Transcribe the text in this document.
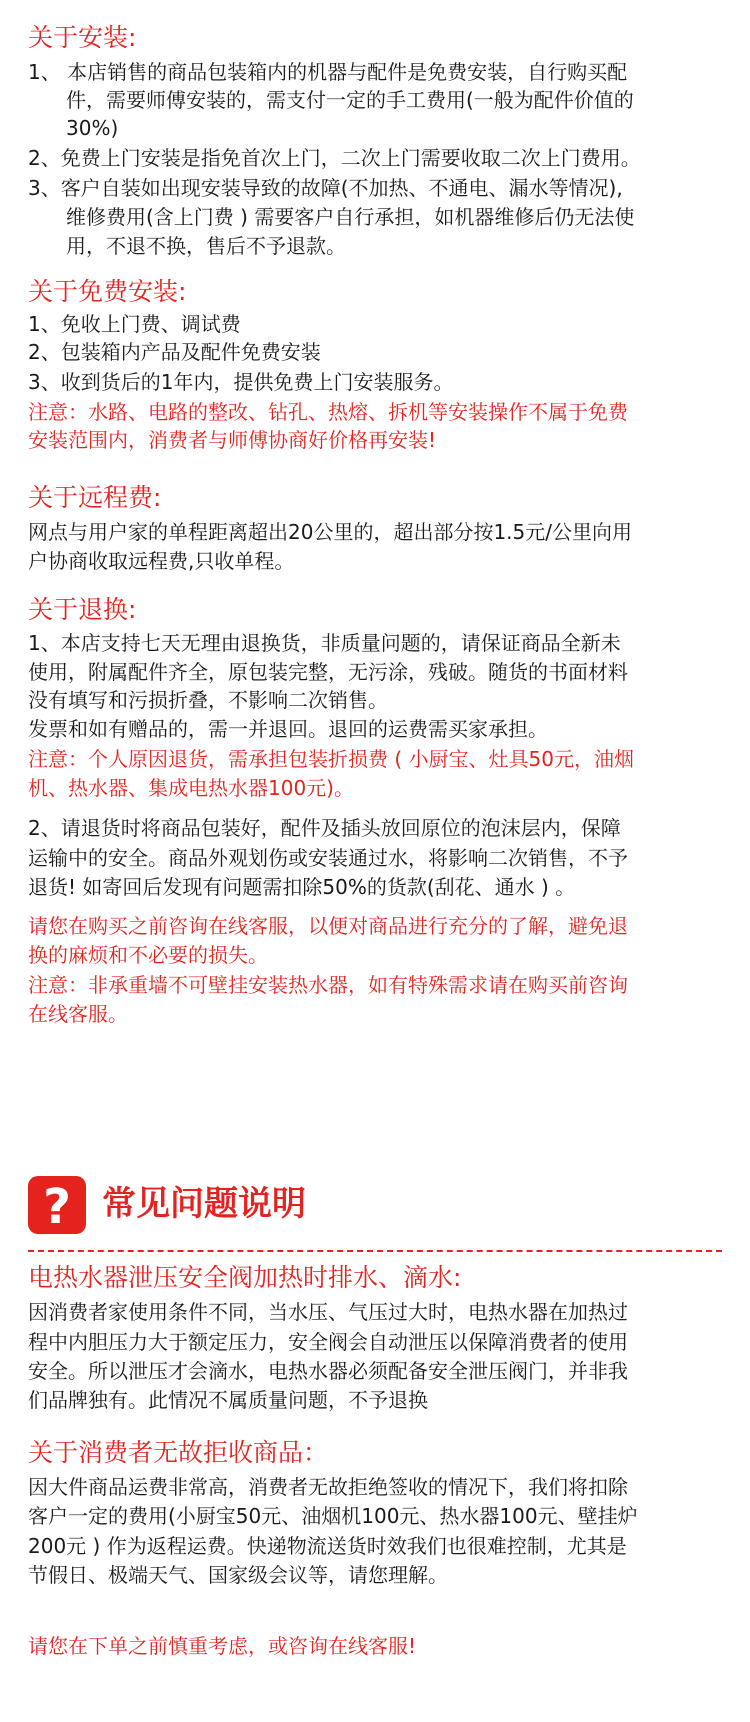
关于安装:

1、 本店销售的商品包装箱内的机器与配件是免费安装，自行购买配

件，需要师傅安装的，需支付一定的手工费用(一般为配件价值的

30%)

2、免费上门安装是指免首次上门，二次上门需要收取二次上门费用。

3、客户自装如出现安装导致的故障(不加热、不通电、漏水等情况),

维修费用(含上门费 ) 需要客户自行承担，如机器维修后仍无法使

用，不退不换，售后不予退款。

关于免费安装:

1、免收上门费、调试费

2、包装箱内产品及配件免费安装

3、收到货后的1年内，提供免费上门安装服务。

注意：水路、电路的整改、钻孔、热熔、拆机等安装操作不属于免费

安装范围内，消费者与师傅协商好价格再安装!

关于远程费:

网点与用户家的单程距离超出20公里的，超出部分按1.5元/公里向用

户协商收取远程费,只收单程。

关于退换:

1、本店支持七天无理由退换货，非质量问题的，请保证商品全新未

使用，附属配件齐全，原包装完整，无污涂，残破。随货的书面材料

没有填写和污损折叠，不影响二次销售。

发票和如有赠品的，需一并退回。退回的运费需买家承担。

注意：个人原因退货，需承担包装折损费 ( 小厨宝、灶具50元，油烟

机、热水器、集成电热水器100元)。

2、请退货时将商品包装好，配件及插头放回原位的泡沫层内，保障

运输中的安全。商品外观划伤或安装通过水，将影响二次销售，不予

退货! 如寄回后发现有问题需扣除50%的货款(刮花、通水 ) 。

请您在购买之前咨询在线客服，以便对商品进行充分的了解，避免退

换的麻烦和不必要的损失。

注意：非承重墙不可壁挂安装热水器，如有特殊需求请在购买前咨询

在线客服。

? 常见问题说明
电热水器泄压安全阀加热时排水、滴水:

因消费者家使用条件不同，当水压、气压过大时，电热水器在加热过

程中内胆压力大于额定压力，安全阀会自动泄压以保障消费者的使用

安全。所以泄压才会滴水，电热水器必须配备安全泄压阀门，并非我

们品牌独有。此情况不属质量问题，不予退换

关于消费者无故拒收商品：

因大件商品运费非常高，消费者无故拒绝签收的情况下，我们将扣除

客户一定的费用(小厨宝50元、油烟机100元、热水器100元、壁挂炉

200元 ) 作为返程运费。快递物流送货时效我们也很难控制，尤其是

节假日、极端天气、国家级会议等，请您理解。

请您在下单之前慎重考虑，或咨询在线客服!
